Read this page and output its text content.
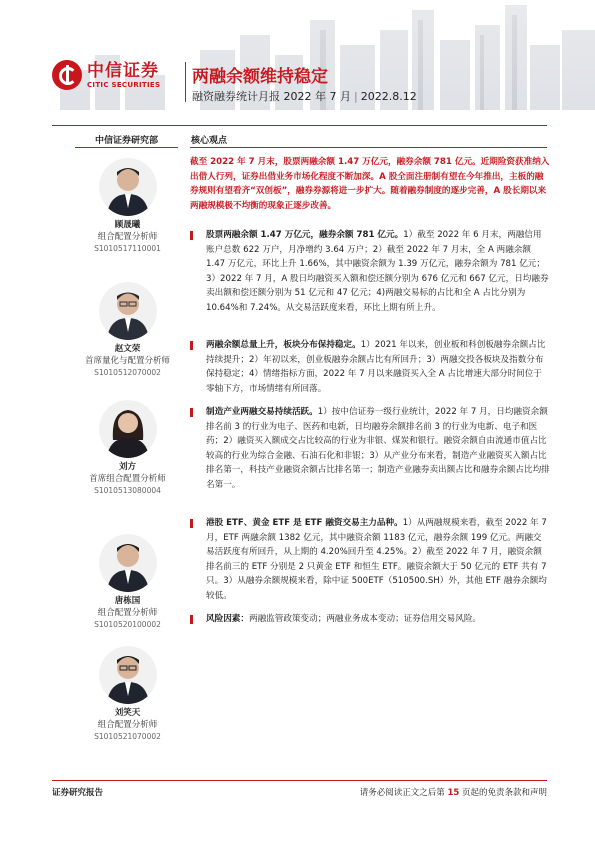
中信证券
CITIC SECURITIES 两融余额维持稳定
融资融券统计月报 2022 年 7 月 | 2022.8.12
中信证券研究部	核心观点
顾晟曦
组合配置分析师
S1010517110001
赵文荣
首席量化与配置分析师
S1010512070002
刘方
首席组合配置分析师
S1010513080004
唐栋国
组合配置分析师
S1010520100002
刘笑天
组合配置分析师
S1010521070002
截至 2022 年 7 月末，股票两融余额 1.47 万亿元，融券余额 781 亿元。近期险资获准纳入出借人行列，证券出借业务市场化程度不断加深。A 股全面注册制有望在今年推出，主板的融券规则有望看齐“双创板”，融券券源将进一步扩大。随着融券制度的逐步完善，A 股长期以来两融规模极不均衡的现象正逐步改善。
股票两融余额 1.47 万亿元，融券余额 781 亿元。1）截至 2022 年 6 月末，两融信用账户总数 622 万户，月净增约 3.64 万户；2）截至 2022 年 7 月末，全 A 两融余额 1.47 万亿元，环比上升 1.66%，其中融资余额为 1.39 万亿元，融券余额为 781 亿元；3）2022 年 7 月，A 股日均融资买入额和偿还额分别为 676 亿元和 667 亿元，日均融券卖出额和偿还额分别为 51 亿元和 47 亿元；4)两融交易标的占比和全 A 占比分别为 10.64%和 7.24%。从交易活跃度来看，环比上期有所上升。
两融余额总量上升，板块分布保持稳定。1）2021 年以来，创业板和科创板融券余额占比持续提升；2）年初以来，创业板融券余额占比有所回升；3）两融交投各板块及指数分布保持稳定；4）情绪指标方面，2022 年 7 月以来融资买入全 A 占比增速大部分时间位于零轴下方，市场情绪有所回落。
制造产业两融交易持续活跃。1）按中信证券一级行业统计，2022 年 7 月，日均融资余额排名前 3 的行业为电子、医药和电新，日均融券余额排名前 3 的行业为电新、电子和医药；2）融资买入额成交占比较高的行业为非银、煤炭和银行。融资余额自由流通市值占比较高的行业为综合金融、石油石化和非银；3）从产业分布来看，制造产业融资买入额占比排名第一，科技产业融资余额占比排名第一；制造产业融券卖出额占比和融券余额占比均排名第一。
港股 ETF、黄金 ETF 是 ETF 融资交易主力品种。1）从两融规模来看，截至 2022 年 7 月，ETF 两融余额 1382 亿元，其中融资余额 1183 亿元，融券余额 199 亿元。两融交易活跃度有所回升，从上期的 4.20%回升至 4.25%。2）截至 2022 年 7 月，融资余额排名前三的 ETF 分别是 2 只黄金 ETF 和恒生 ETF。融资余额大于 50 亿元的 ETF 共有 7 只。3）从融券余额规模来看，除中证 500ETF（510500.SH）外，其他 ETF 融券余额均较低。
风险因素：两融监管政策变动；两融业务成本变动；证券信用交易风险。
证券研究报告	请务必阅读正文之后第 15 页起的免责条款和声明
